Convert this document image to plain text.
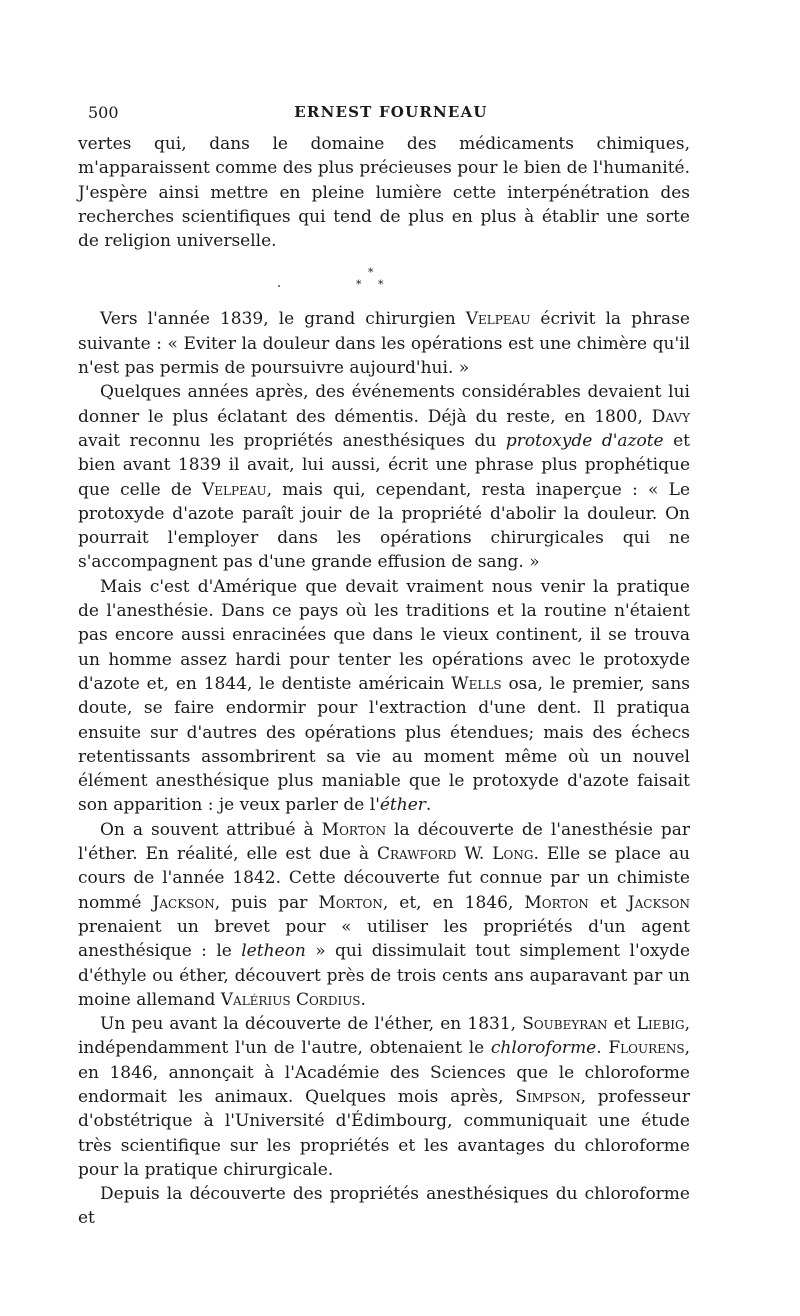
500	ERNEST FOURNEAU

vertes qui, dans le domaine des médicaments chimiques, m'apparaissent comme des plus précieuses pour le bien de l'humanité. J'espère ainsi mettre en pleine lumière cette interpénétration des recherches scientifiques qui tend de plus en plus à établir une sorte de religion universelle.

*
* *

Vers l'année 1839, le grand chirurgien Velpeau écrivit la phrase suivante : « Eviter la douleur dans les opérations est une chimère qu'il n'est pas permis de poursuivre aujourd'hui. »

Quelques années après, des événements considérables devaient lui donner le plus éclatant des démentis. Déjà du reste, en 1800, Davy avait reconnu les propriétés anesthésiques du protoxyde d'azote et bien avant 1839 il avait, lui aussi, écrit une phrase plus prophétique que celle de Velpeau, mais qui, cependant, resta inaperçue : « Le protoxyde d'azote paraît jouir de la propriété d'abolir la douleur. On pourrait l'employer dans les opérations chirurgicales qui ne s'accompagnent pas d'une grande effusion de sang. »

Mais c'est d'Amérique que devait vraiment nous venir la pratique de l'anesthésie. Dans ce pays où les traditions et la routine n'étaient pas encore aussi enracinées que dans le vieux continent, il se trouva un homme assez hardi pour tenter les opérations avec le protoxyde d'azote et, en 1844, le dentiste américain Wells osa, le premier, sans doute, se faire endormir pour l'extraction d'une dent. Il pratiqua ensuite sur d'autres des opérations plus étendues; mais des échecs retentissants assombrirent sa vie au moment même où un nouvel élément anesthésique plus maniable que le protoxyde d'azote faisait son apparition : je veux parler de l'éther.

On a souvent attribué à Morton la découverte de l'anesthésie par l'éther. En réalité, elle est due à Crawford W. Long. Elle se place au cours de l'année 1842. Cette découverte fut connue par un chimiste nommé Jackson, puis par Morton, et, en 1846, Morton et Jackson prenaient un brevet pour « utiliser les propriétés d'un agent anesthésique : le letheon » qui dissimulait tout simplement l'oxyde d'éthyle ou éther, découvert près de trois cents ans auparavant par un moine allemand Valérius Cordius.

Un peu avant la découverte de l'éther, en 1831, Soubeyran et Liebig, indépendamment l'un de l'autre, obtenaient le chloroforme. Flourens, en 1846, annonçait à l'Académie des Sciences que le chloroforme endormait les animaux. Quelques mois après, Simpson, professeur d'obstétrique à l'Université d'Édimbourg, communiquait une étude très scientifique sur les propriétés et les avantages du chloroforme pour la pratique chirurgicale.

Depuis la découverte des propriétés anesthésiques du chloroforme et
